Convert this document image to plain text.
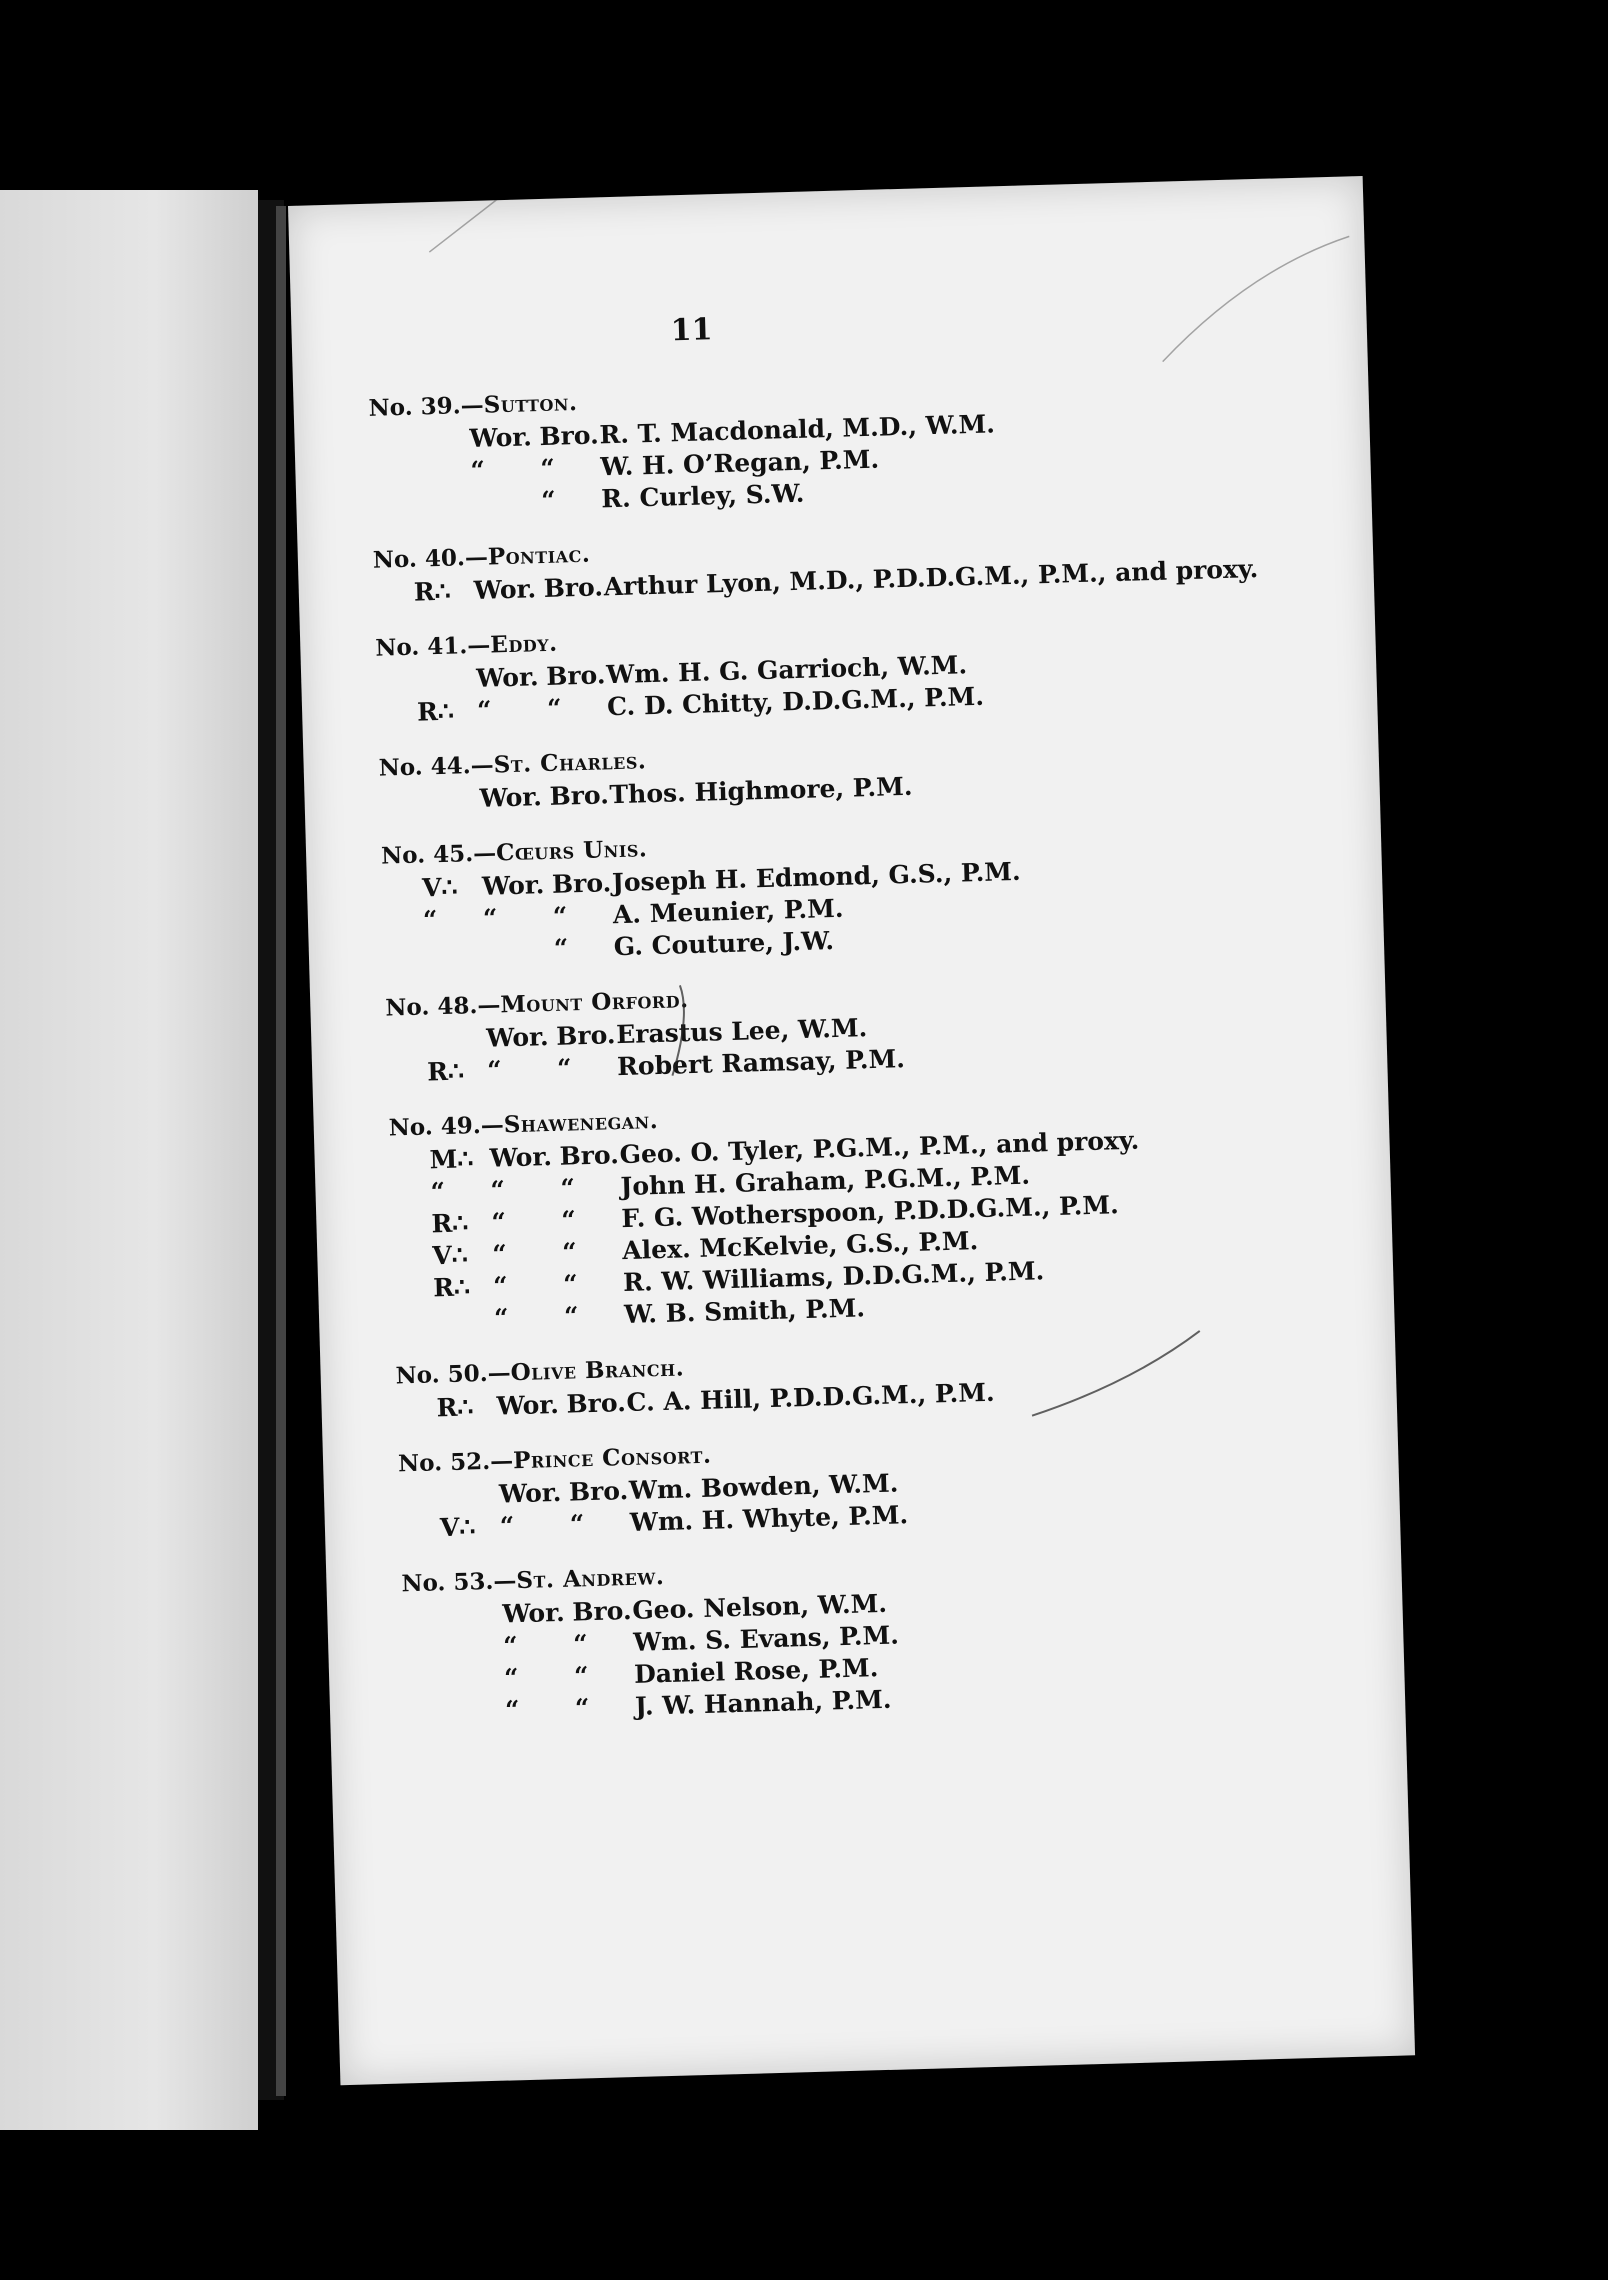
11
No. 39.—Sutton.
Wor. Bro. R. T. Macdonald, M.D., W.M.
“ “ W. H. O’Regan, P.M.
“ R. Curley, S.W.
No. 40.—Pontiac.
R∴ Wor. Bro. Arthur Lyon, M.D., P.D.D.G.M., P.M., and proxy.
No. 41.—Eddy.
Wor. Bro. Wm. H. G. Garrioch, W.M.
R∴ “ “ C. D. Chitty, D.D.G.M., P.M.
No. 44.—St. Charles.
Wor. Bro. Thos. Highmore, P.M.
No. 45.—Cœurs Unis.
V∴ Wor. Bro. Joseph H. Edmond, G.S., P.M.
“	“ “ A. Meunier, P.M.
“ G. Couture, J.W.
No. 48.—Mount Orford.
Wor. Bro. Erastus Lee, W.M.
R∴ “ “ Robert Ramsay, P.M.
No. 49.—Shawenegan.
M∴ Wor. Bro. Geo. O. Tyler, P.G.M., P.M., and proxy.
“	“ “ John H. Graham, P.G.M., P.M.
R∴ “ “ F. G. Wotherspoon, P.D.D.G.M., P.M.
V∴ “ “ Alex. McKelvie, G.S., P.M.
R∴ “ “ R. W. Williams, D.D.G.M., P.M.
“ “ W. B. Smith, P.M.
No. 50.—Olive Branch.
R∴ Wor. Bro. C. A. Hill, P.D.D.G.M., P.M.
No. 52.—Prince Consort.
Wor. Bro. Wm. Bowden, W.M.
V∴ “ “ Wm. H. Whyte, P.M.
No. 53.—St. Andrew.
Wor. Bro. Geo. Nelson, W.M.
“ “ Wm. S. Evans, P.M.
“ “ Daniel Rose, P.M.
“ “ J. W. Hannah, P.M.
